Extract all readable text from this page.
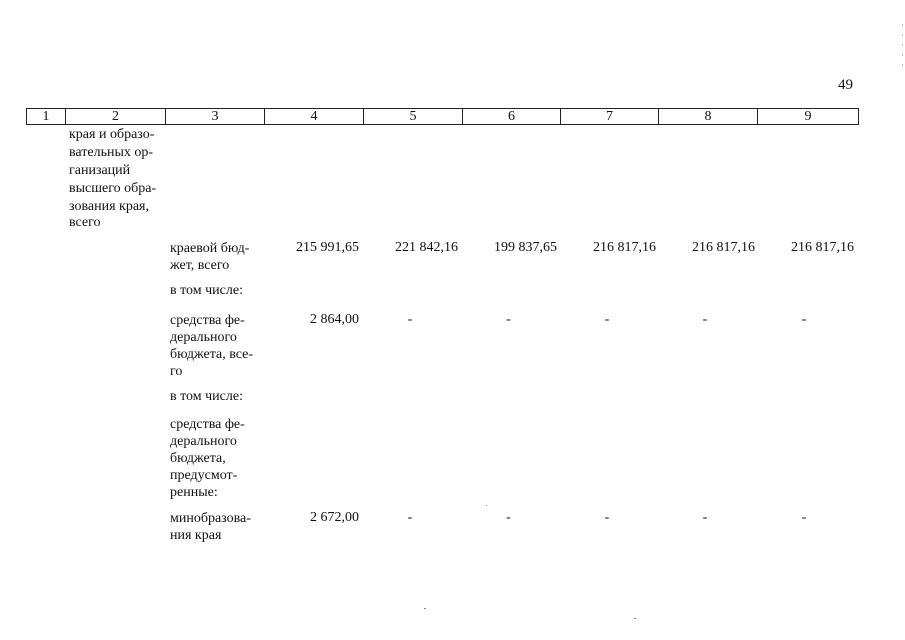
49
1	2	3	4	5	6	7	8	9
края и образо-
вательных ор-
ганизаций
высшего обра-
зования края,
всего
краевой бюд-
жет, всего
215 991,65	221 842,16	199 837,65	216 817,16	216 817,16	216 817,16
в том числе:
средства фе-
дерального
бюджета, все-
го
2 864,00	-	-	-	-	-
в том числе:
средства фе-
дерального
бюджета,
предусмот-
ренные:
минобразова-
ния края
2 672,00	-	-	-	-	-
